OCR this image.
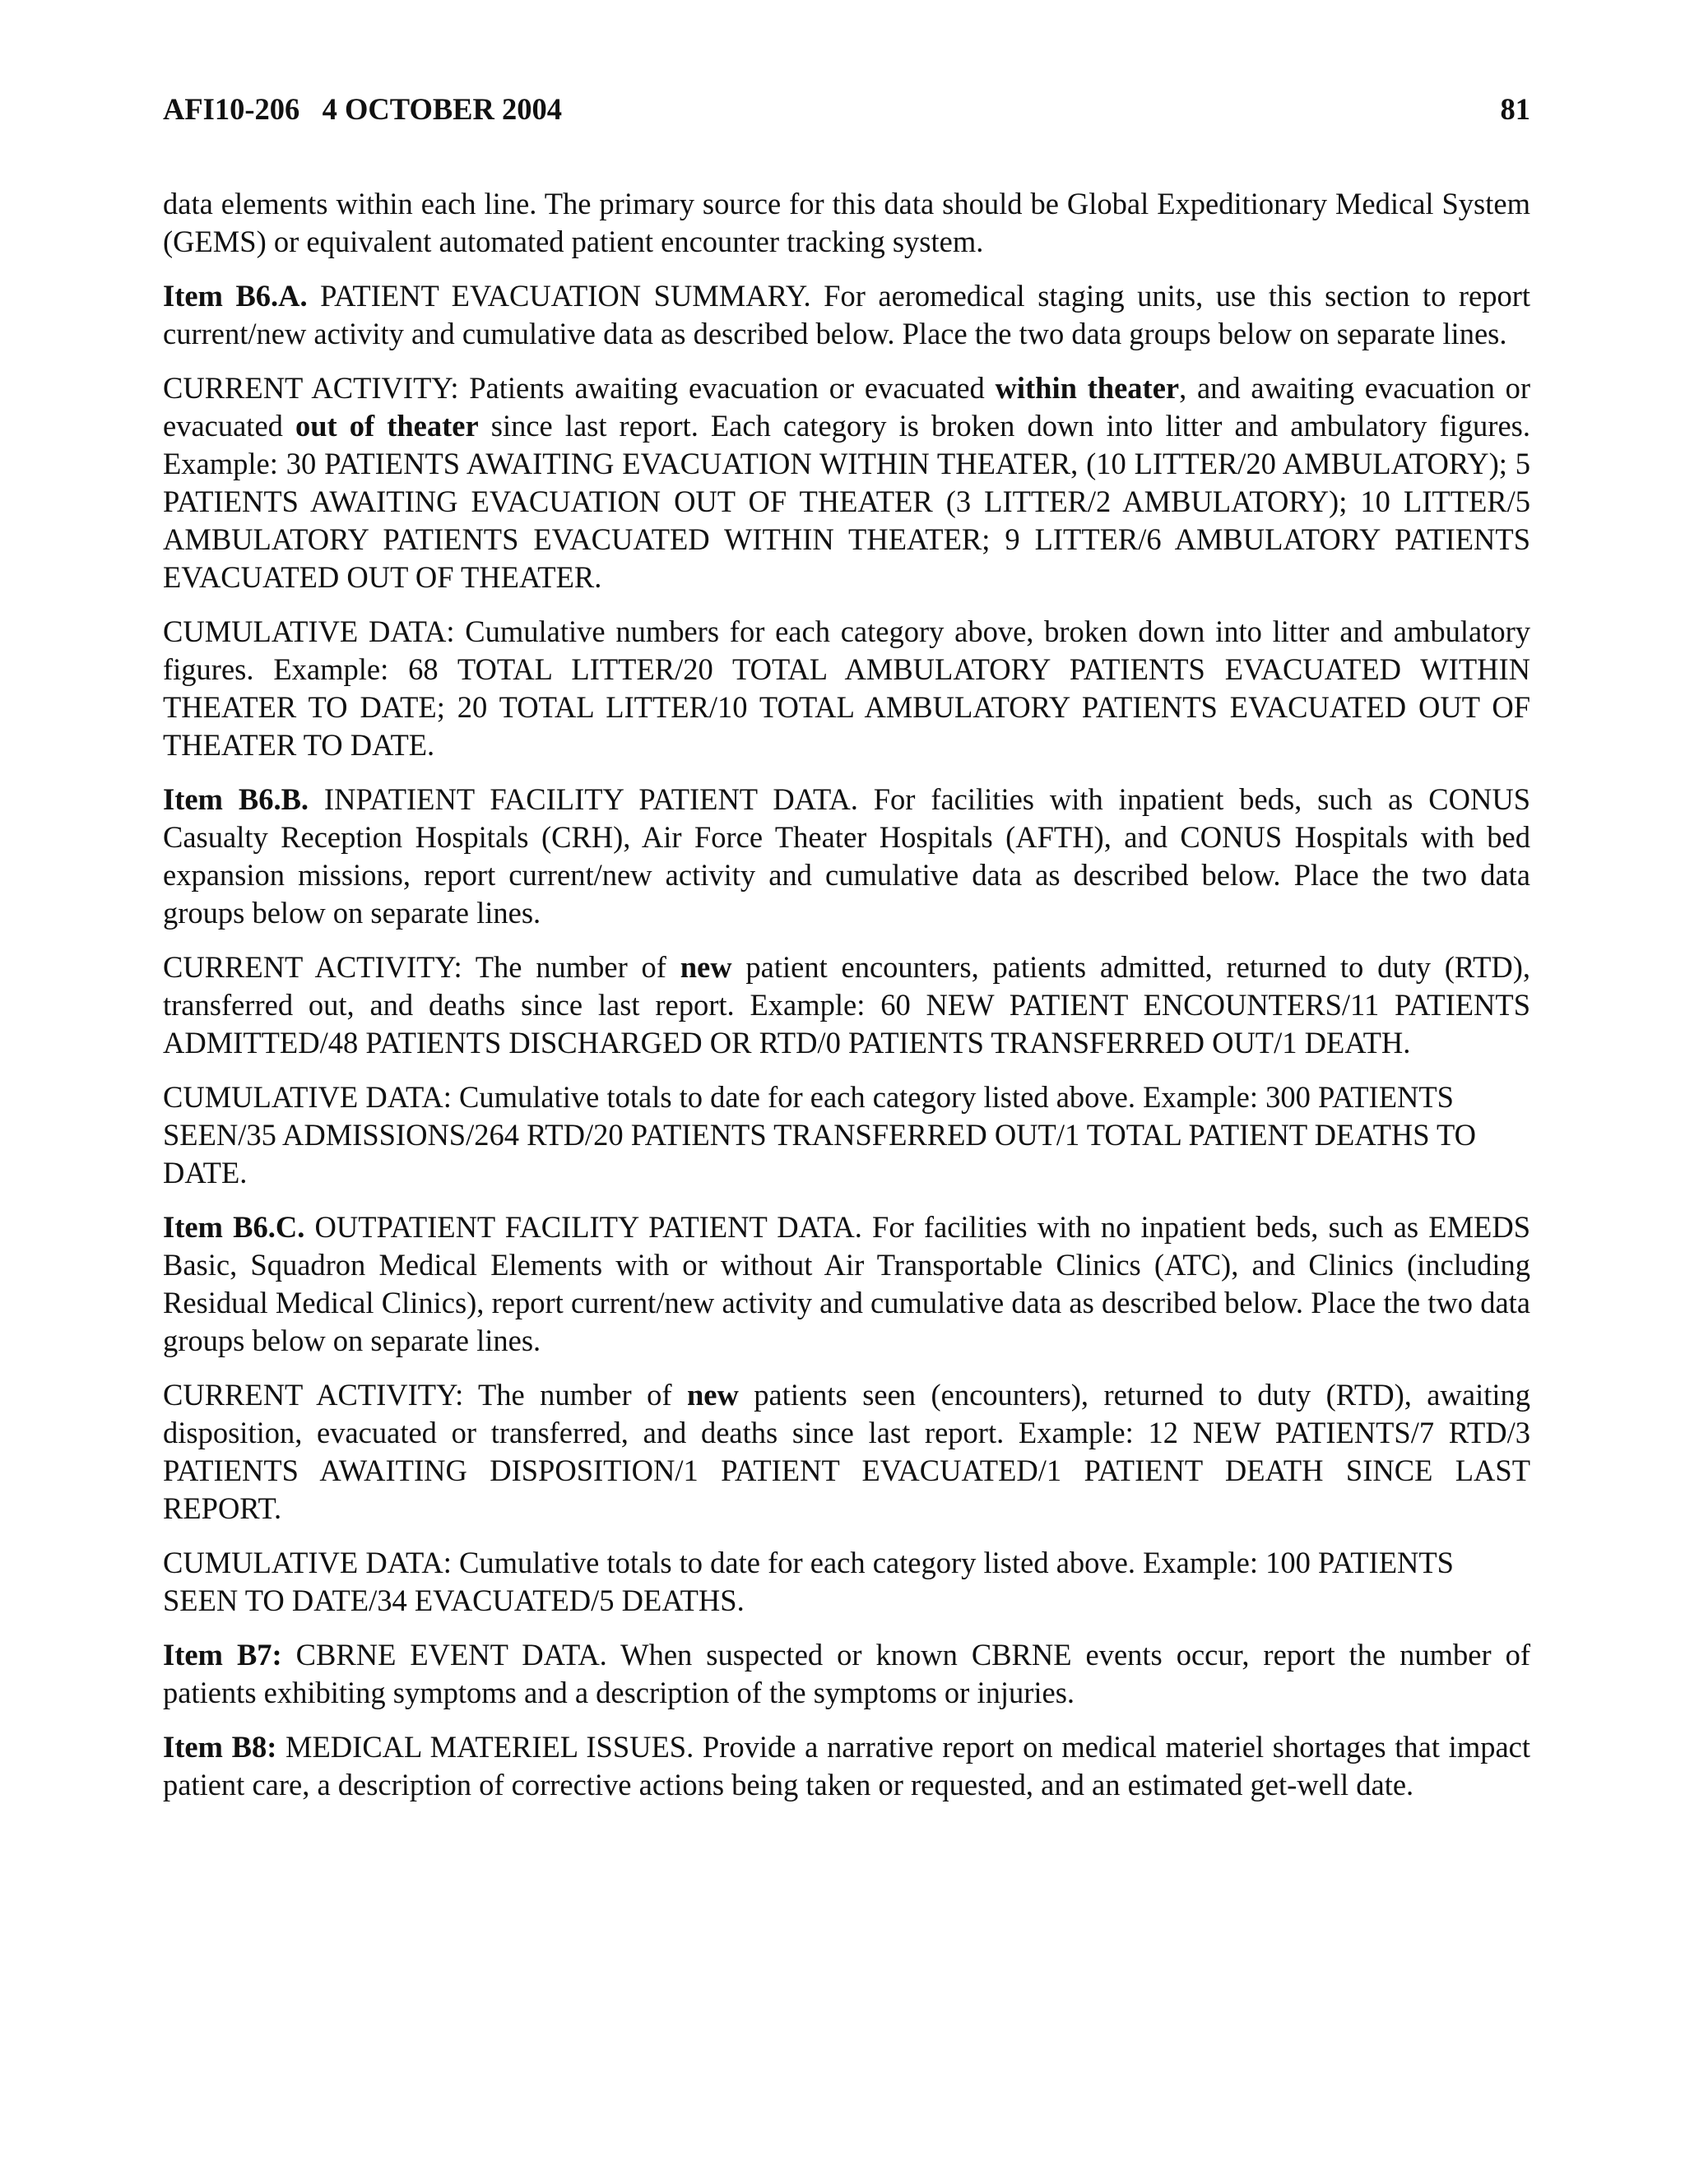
AFI10-206   4 OCTOBER 2004	81

data elements within each line. The primary source for this data should be Global Expeditionary Medical System (GEMS) or equivalent automated patient encounter tracking system.

Item B6.A. PATIENT EVACUATION SUMMARY. For aeromedical staging units, use this section to report current/new activity and cumulative data as described below. Place the two data groups below on separate lines.

CURRENT ACTIVITY: Patients awaiting evacuation or evacuated within theater, and awaiting evacuation or evacuated out of theater since last report. Each category is broken down into litter and ambulatory figures. Example: 30 PATIENTS AWAITING EVACUATION WITHIN THEATER, (10 LITTER/20 AMBULATORY); 5 PATIENTS AWAITING EVACUATION OUT OF THEATER (3 LITTER/2 AMBULATORY); 10 LITTER/5 AMBULATORY PATIENTS EVACUATED WITHIN THEATER; 9 LITTER/6 AMBULATORY PATIENTS EVACUATED OUT OF THEATER.

CUMULATIVE DATA: Cumulative numbers for each category above, broken down into litter and ambulatory figures. Example: 68 TOTAL LITTER/20 TOTAL AMBULATORY PATIENTS EVACUATED WITHIN THEATER TO DATE; 20 TOTAL LITTER/10 TOTAL AMBULATORY PATIENTS EVACUATED OUT OF THEATER TO DATE.

Item B6.B. INPATIENT FACILITY PATIENT DATA. For facilities with inpatient beds, such as CONUS Casualty Reception Hospitals (CRH), Air Force Theater Hospitals (AFTH), and CONUS Hospitals with bed expansion missions, report current/new activity and cumulative data as described below. Place the two data groups below on separate lines.

CURRENT ACTIVITY: The number of new patient encounters, patients admitted, returned to duty (RTD), transferred out, and deaths since last report. Example: 60 NEW PATIENT ENCOUNTERS/11 PATIENTS ADMITTED/48 PATIENTS DISCHARGED OR RTD/0 PATIENTS TRANSFERRED OUT/1 DEATH.

CUMULATIVE DATA: Cumulative totals to date for each category listed above. Example: 300 PATIENTS SEEN/35 ADMISSIONS/264 RTD/20 PATIENTS TRANSFERRED OUT/1 TOTAL PATIENT DEATHS TO DATE.

Item B6.C. OUTPATIENT FACILITY PATIENT DATA. For facilities with no inpatient beds, such as EMEDS Basic, Squadron Medical Elements with or without Air Transportable Clinics (ATC), and Clinics (including Residual Medical Clinics), report current/new activity and cumulative data as described below. Place the two data groups below on separate lines.

CURRENT ACTIVITY: The number of new patients seen (encounters), returned to duty (RTD), awaiting disposition, evacuated or transferred, and deaths since last report. Example: 12 NEW PATIENTS/7 RTD/3 PATIENTS AWAITING DISPOSITION/1 PATIENT EVACUATED/1 PATIENT DEATH SINCE LAST REPORT.

CUMULATIVE DATA: Cumulative totals to date for each category listed above. Example: 100 PATIENTS SEEN TO DATE/34 EVACUATED/5 DEATHS.

Item B7: CBRNE EVENT DATA. When suspected or known CBRNE events occur, report the number of patients exhibiting symptoms and a description of the symptoms or injuries.

Item B8: MEDICAL MATERIEL ISSUES. Provide a narrative report on medical materiel shortages that impact patient care, a description of corrective actions being taken or requested, and an estimated get-well date.
